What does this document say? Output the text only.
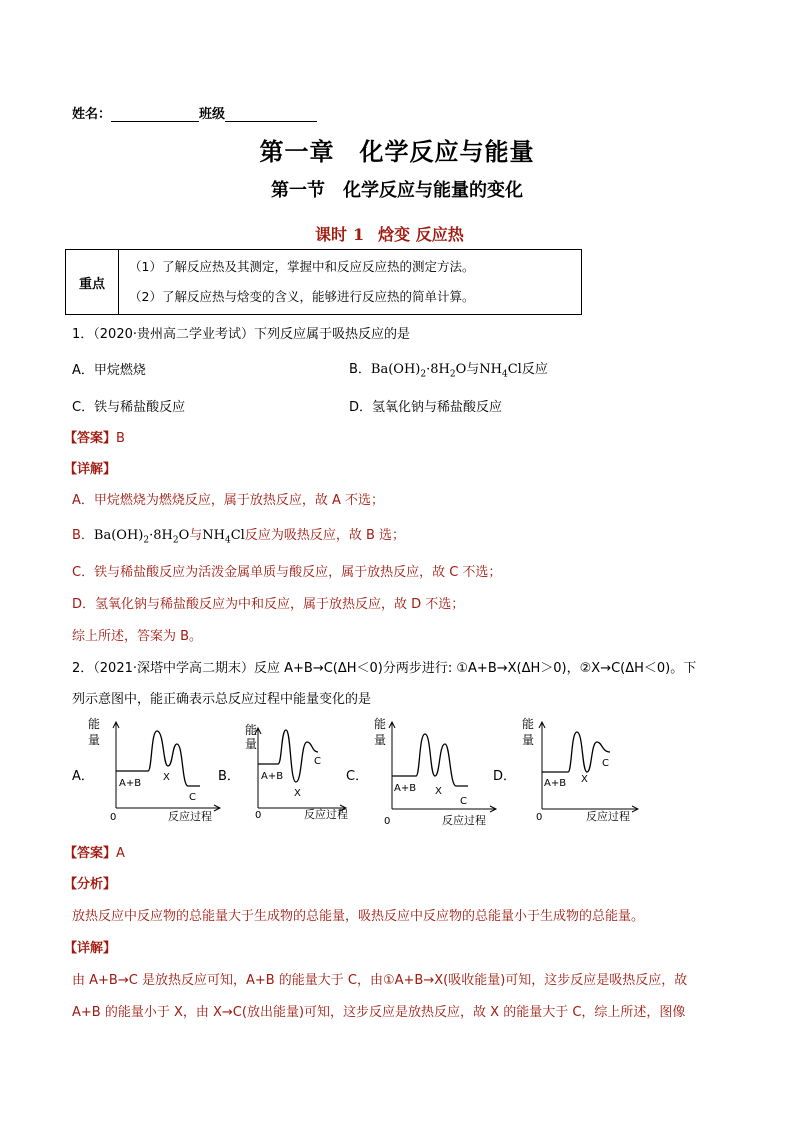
姓名：	班级
第一章　化学反应与能量
第一节　化学反应与能量的变化
课时 1 焓变 反应热
重点	
（1）了解反应热及其测定，掌握中和反应反应热的测定方法。
（2）了解反应热与焓变的含义，能够进行反应热的简单计算。
1．（2020·贵州高二学业考试）下列反应属于吸热反应的是
A．甲烷燃烧	B．$Ba(OH)_2\cdot 8H_2O$与$NH_4Cl$反应
C．铁与稀盐酸反应	D．氢氧化钠与稀盐酸反应
【答案】B
【详解】
A．甲烷燃烧为燃烧反应，属于放热反应，故 A 不选；
B．$Ba(OH)_2\cdot 8H_2O$与$NH_4Cl$反应为吸热反应，故 B 选；
C．铁与稀盐酸反应为活泼金属单质与酸反应，属于放热反应，故 C 不选；
D．氢氧化钠与稀盐酸反应为中和反应，属于放热反应，故 D 不选；
综上所述，答案为 B。
2．（2021·深塔中学高二期末）反应 A+B→C(ΔH＜0)分两步进行: ①A+B→X(ΔH＞0)，②X→C(ΔH＜0)。下
列示意图中，能正确表示总反应过程中能量变化的是
A．
能
量
反应过程
0
A+B
X
C
B．
能
量
反应过程
0
A+B
X
C
C．
能
量
反应过程
0
A+B X
C
D．
能
量
反应过程
0
A+B X
C
【答案】A
【分析】
放热反应中反应物的总能量大于生成物的总能量，吸热反应中反应物的总能量小于生成物的总能量。
【详解】
由 A+B→C 是放热反应可知，A+B 的能量大于 C，由①A+B→X(吸收能量)可知，这步反应是吸热反应，故
A+B 的能量小于 X，由 X→C(放出能量)可知，这步反应是放热反应，故 X 的能量大于 C，综上所述，图像
